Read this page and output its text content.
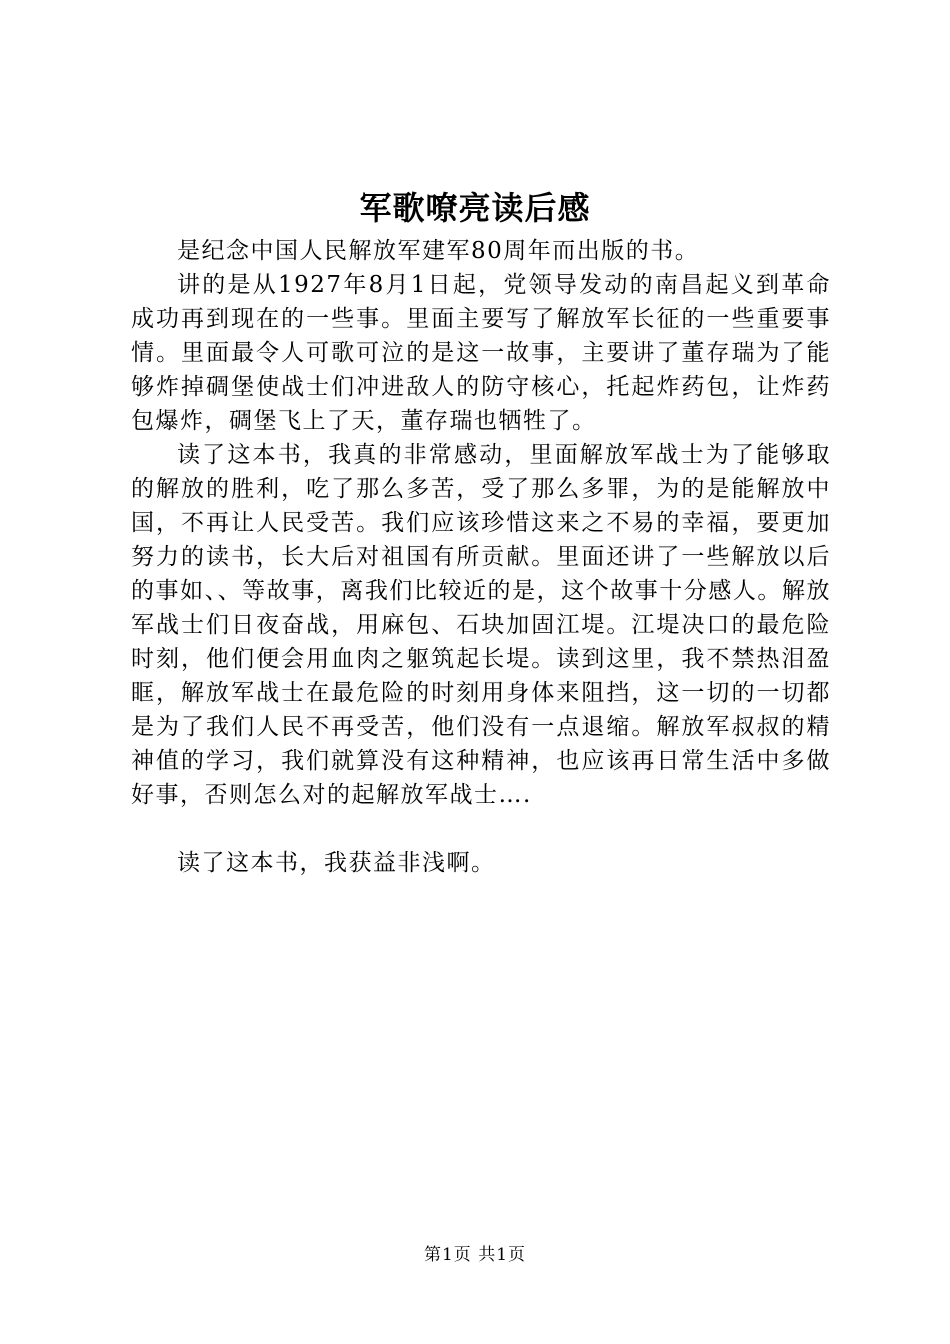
军歌嘹亮读后感

是纪念中国人民解放军建军80周年而出版的书。

讲的是从1927年8月1日起，党领导发动的南昌起义到革命成功再到现在的一些事。里面主要写了解放军长征的一些重要事情。里面最令人可歌可泣的是这一故事，主要讲了董存瑞为了能够炸掉碉堡使战士们冲进敌人的防守核心，托起炸药包，让炸药包爆炸，碉堡飞上了天，董存瑞也牺牲了。

读了这本书，我真的非常感动，里面解放军战士为了能够取的解放的胜利，吃了那么多苦，受了那么多罪，为的是能解放中国，不再让人民受苦。我们应该珍惜这来之不易的幸福，要更加努力的读书，长大后对祖国有所贡献。里面还讲了一些解放以后的事如、、等故事，离我们比较近的是，这个故事十分感人。解放军战士们日夜奋战，用麻包、石块加固江堤。江堤决口的最危险时刻，他们便会用血肉之躯筑起长堤。读到这里，我不禁热泪盈眶，解放军战士在最危险的时刻用身体来阻挡，这一切的一切都是为了我们人民不再受苦，他们没有一点退缩。解放军叔叔的精神值的学习，我们就算没有这种精神，也应该再日常生活中多做好事，否则怎么对的起解放军战士….

读了这本书，我获益非浅啊。

第1页 共1页
